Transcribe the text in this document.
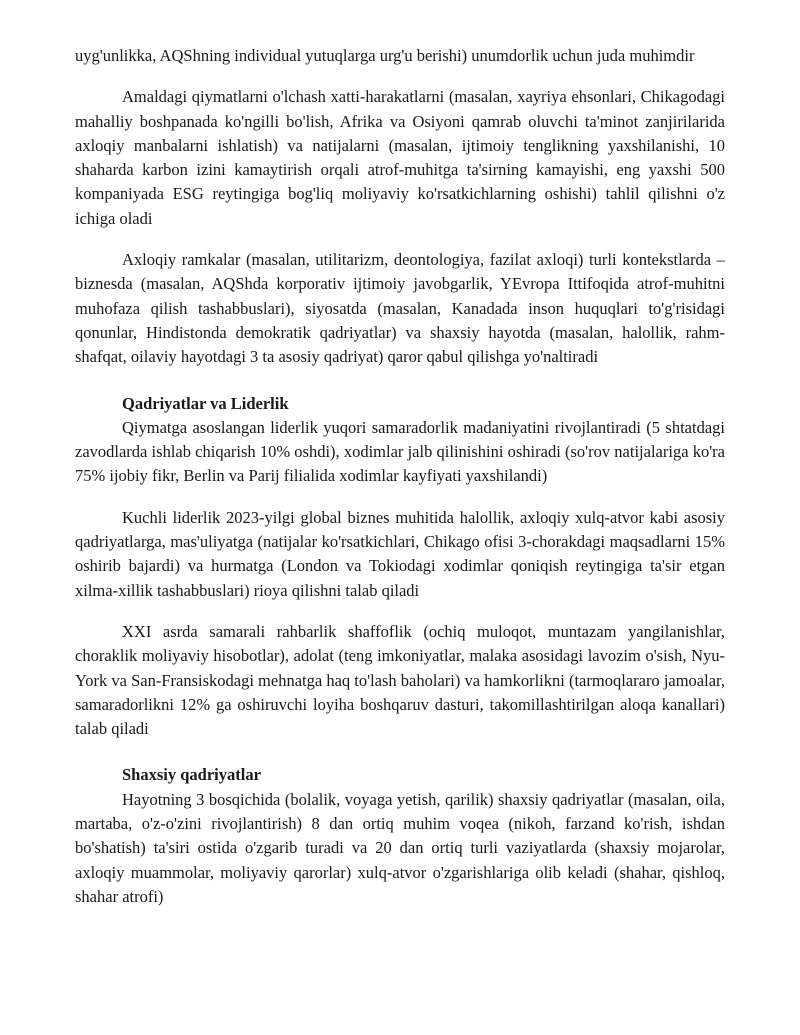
uyg'unlikka, AQShning individual yutuqlarga urg'u berishi) unumdorlik uchun juda muhimdir

Amaldagi qiymatlarni o'lchash xatti-harakatlarni (masalan, xayriya ehsonlari, Chikagodagi mahalliy boshpanada ko'ngilli bo'lish, Afrika va Osiyoni qamrab oluvchi ta'minot zanjirilarida axloqiy manbalarni ishlatish) va natijalarni (masalan, ijtimoiy tenglikning yaxshilanishi, 10 shaharda karbon izini kamaytirish orqali atrof-muhitga ta'sirning kamayishi, eng yaxshi 500 kompaniyada ESG reytingiga bog'liq moliyaviy ko'rsatkichlarning oshishi) tahlil qilishni o'z ichiga oladi

Axloqiy ramkalar (masalan, utilitarizm, deontologiya, fazilat axloqi) turli kontekstlarda – biznesda (masalan, AQShda korporativ ijtimoiy javobgarlik, YEvropa Ittifoqida atrof-muhitni muhofaza qilish tashabbuslari), siyosatda (masalan, Kanadada inson huquqlari to'g'risidagi qonunlar, Hindistonda demokratik qadriyatlar) va shaxsiy hayotda (masalan, halollik, rahm-shafqat, oilaviy hayotdagi 3 ta asosiy qadriyat) qaror qabul qilishga yo'naltiradi

Qadriyatlar va Liderlik

Qiymatga asoslangan liderlik yuqori samaradorlik madaniyatini rivojlantiradi (5 shtatdagi zavodlarda ishlab chiqarish 10% oshdi), xodimlar jalb qilinishini oshiradi (so'rov natijalariga ko'ra 75% ijobiy fikr, Berlin va Parij filialida xodimlar kayfiyati yaxshilandi)

Kuchli liderlik 2023-yilgi global biznes muhitida halollik, axloqiy xulq-atvor kabi asosiy qadriyatlarga, mas'uliyatga (natijalar ko'rsatkichlari, Chikago ofisi 3-chorakdagi maqsadlarni 15% oshirib bajardi) va hurmatga (London va Tokiodagi xodimlar qoniqish reytingiga ta'sir etgan xilma-xillik tashabbuslari) rioya qilishni talab qiladi

XXI asrda samarali rahbarlik shaffoflik (ochiq muloqot, muntazam yangilanishlar, choraklik moliyaviy hisobotlar), adolat (teng imkoniyatlar, malaka asosidagi lavozim o'sish, Nyu-York va San-Fransiskodagi mehnatga haq to'lash baholari) va hamkorlikni (tarmoqlararo jamoalar, samaradorlikni 12% ga oshiruvchi loyiha boshqaruv dasturi, takomillashtirilgan aloqa kanallari) talab qiladi

Shaxsiy qadriyatlar

Hayotning 3 bosqichida (bolalik, voyaga yetish, qarilik) shaxsiy qadriyatlar (masalan, oila, martaba, o'z-o'zini rivojlantirish) 8 dan ortiq muhim voqea (nikoh, farzand ko'rish, ishdan bo'shatish) ta'siri ostida o'zgarib turadi va 20 dan ortiq turli vaziyatlarda (shaxsiy mojarolar, axloqiy muammolar, moliyaviy qarorlar) xulq-atvor o'zgarishlariga olib keladi (shahar, qishloq, shahar atrofi)
